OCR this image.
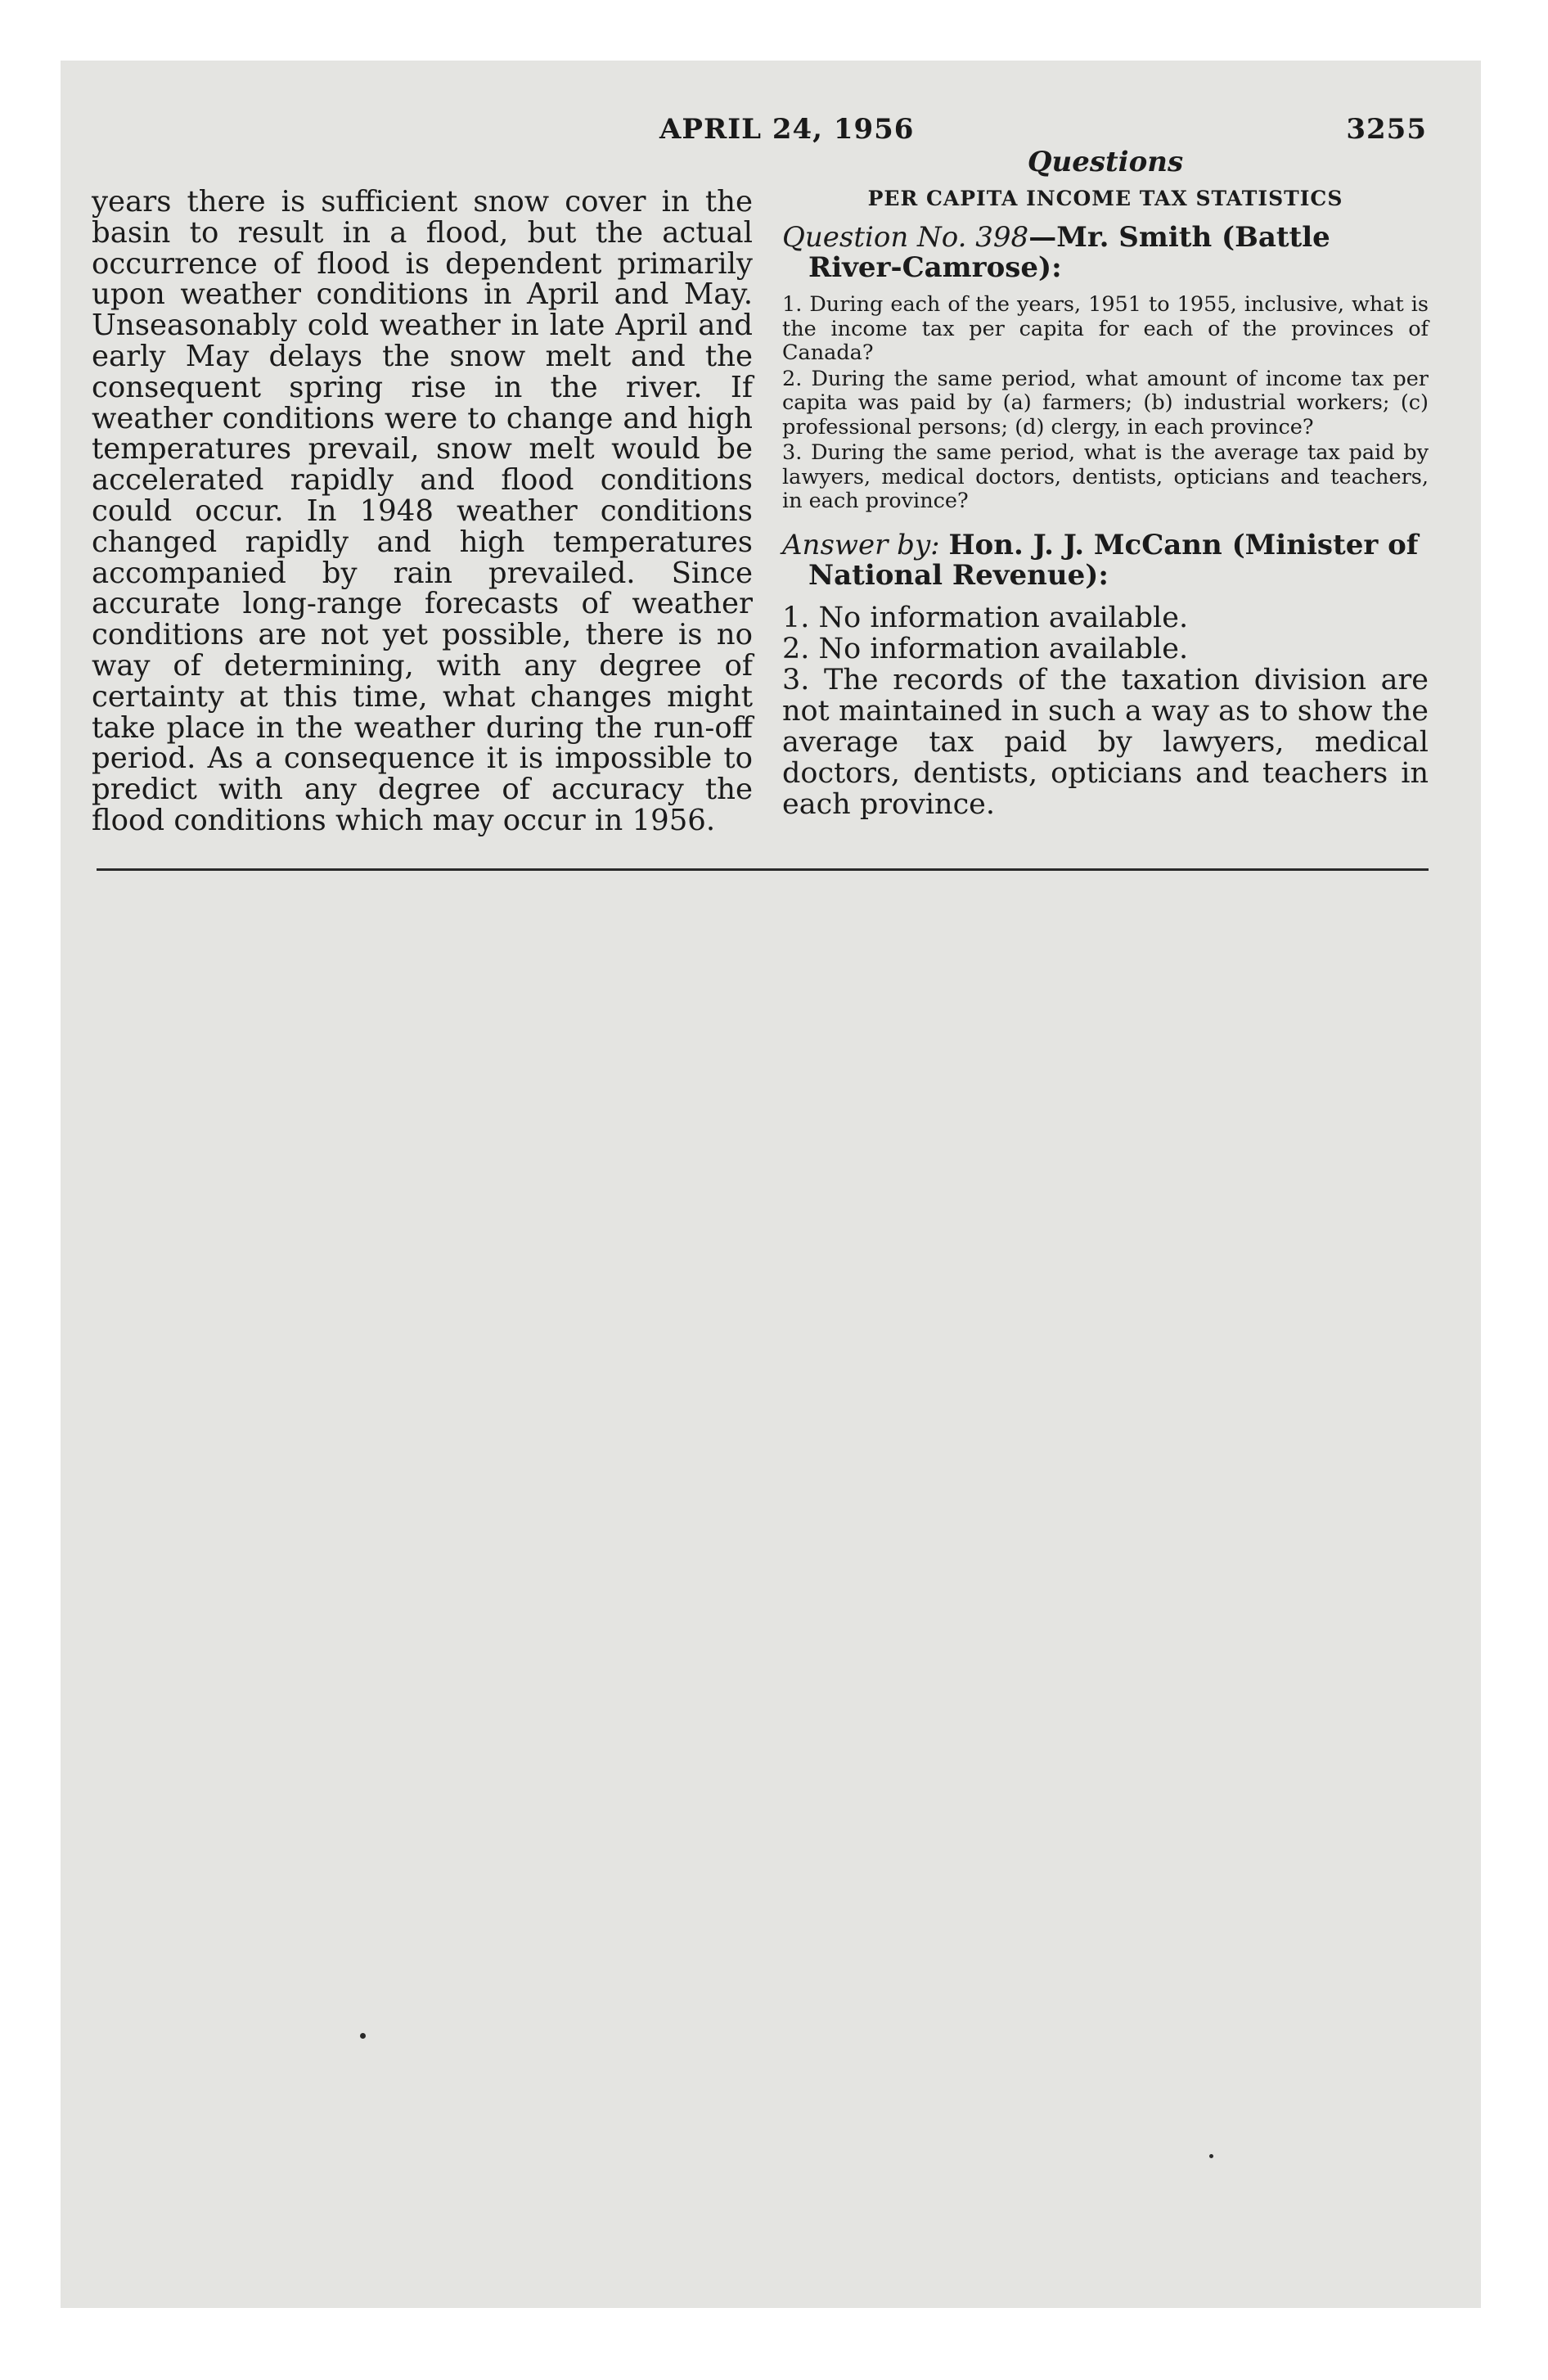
APRIL 24, 1956	3255

years there is sufficient snow cover in the basin to result in a flood, but the actual occurrence of flood is dependent primarily upon weather conditions in April and May. Unseasonably cold weather in late April and early May delays the snow melt and the consequent spring rise in the river. If weather conditions were to change and high temperatures prevail, snow melt would be accelerated rapidly and flood conditions could occur. In 1948 weather conditions changed rapidly and high temperatures accompanied by rain prevailed. Since accurate long-range forecasts of weather conditions are not yet possible, there is no way of determining, with any degree of certainty at this time, what changes might take place in the weather during the run-off period. As a consequence it is impossible to predict with any degree of accuracy the flood conditions which may occur in 1956.

Questions
PER CAPITA INCOME TAX STATISTICS

Question No. 398—Mr. Smith (Battle River-Camrose):

1. During each of the years, 1951 to 1955, inclusive, what is the income tax per capita for each of the provinces of Canada?
2. During the same period, what amount of income tax per capita was paid by (a) farmers; (b) industrial workers; (c) professional persons; (d) clergy, in each province?
3. During the same period, what is the average tax paid by lawyers, medical doctors, dentists, opticians and teachers, in each province?

Answer by: Hon. J. J. McCann (Minister of National Revenue):

1. No information available.
2. No information available.
3. The records of the taxation division are not maintained in such a way as to show the average tax paid by lawyers, medical doctors, dentists, opticians and teachers in each province.
